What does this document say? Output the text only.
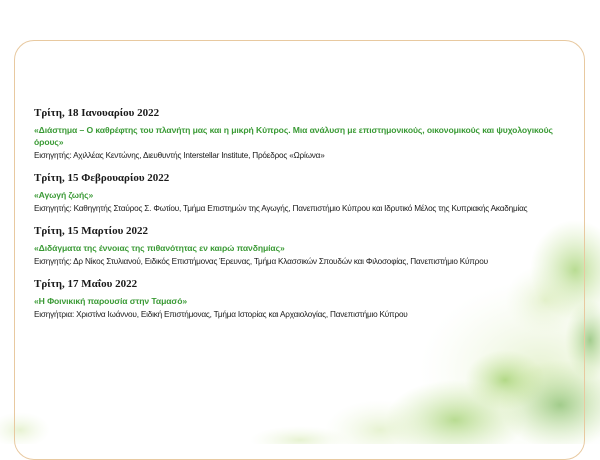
Τρίτη, 18 Ιανουαρίου 2022
«Διάστημα – Ο καθρέφτης του πλανήτη μας και η μικρή Κύπρος. Μια ανάλυση με επιστημονικούς, οικονομικούς και ψυχολογικούς όρους»
Εισηγητής: Αχιλλέας Κεντώνης, Διευθυντής Interstellar Institute, Πρόεδρος «Ωρίωνα»
Τρίτη, 15 Φεβρουαρίου 2022
«Αγωγή ζωής»
Εισηγητής: Καθηγητής Σταύρος Σ. Φωτίου, Τμήμα Επιστημών της Αγωγής, Πανεπιστήμιο Κύπρου και Ιδρυτικό Μέλος της Κυπριακής Ακαδημίας
Τρίτη, 15 Μαρτίου 2022
«Διδάγματα της έννοιας της πιθανότητας εν καιρώ πανδημίας»
Εισηγητής: Δρ Νίκος Στυλιανού, Ειδικός Επιστήμονας Έρευνας, Τμήμα Κλασσικών Σπουδών και Φιλοσοφίας, Πανεπιστήμιο Κύπρου
Τρίτη, 17 Μαΐου 2022
«Η Φοινικική παρουσία στην Ταμασό»
Εισηγήτρια: Χριστίνα Ιωάννου, Ειδική Επιστήμονας, Τμήμα Ιστορίας και Αρχαιολογίας, Πανεπιστήμιο Κύπρου
